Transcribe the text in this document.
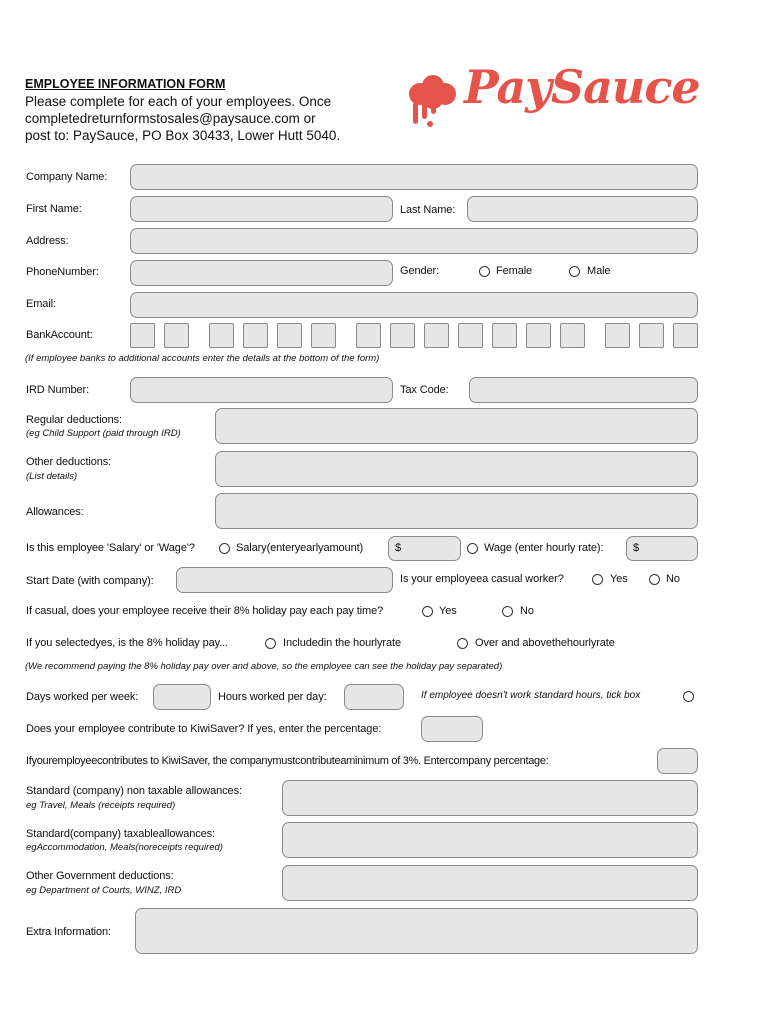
EMPLOYEE INFORMATION FORM
Please complete for each of your employees. Once
completedreturnformstosales@paysauce.com or
post to: PaySauce, PO Box 30433, Lower Hutt 5040.
PaySauce
Company Name:
First Name:	Last Name:
Address:
PhoneNumber:	Gender:	Female	Male
Email:
BankAccount:
(If employee banks to additional accounts enter the details at the bottom of the form)
IRD Number:	Tax Code:
Regular deductions:
(eg Child Support (paid through IRD)
Other deductions:
(List details)
Allowances:
Is this employee 'Salary' or 'Wage'?	Salary(enteryearlyamount)	$	Wage (enter hourly rate):	$
Start Date (with company):	Is your employeea casual worker?	Yes	No
If casual, does your employee receive their 8% holiday pay each pay time?	Yes	No
If you selectedyes, is the 8% holiday pay...	Includedin the hourlyrate	Over and abovethehourlyrate
(We recommend paying the 8% holiday pay over and above, so the employee can see the holiday pay separated)
Days worked per week:	Hours worked per day:	If employee doesn't work standard hours, tick box
Does your employee contribute to KiwiSaver? If yes, enter the percentage:
Ifyouremployeecontributes to KiwiSaver, the companymustcontributeaminimum of 3%. Entercompany percentage:
Standard (company) non taxable allowances:
eg Travel, Meals (receipts required)
Standard(company) taxableallowances:
egAccommodation, Meals(noreceipts required)
Other Government deductions:
eg Department of Courts, WINZ, IRD
Extra Information:
